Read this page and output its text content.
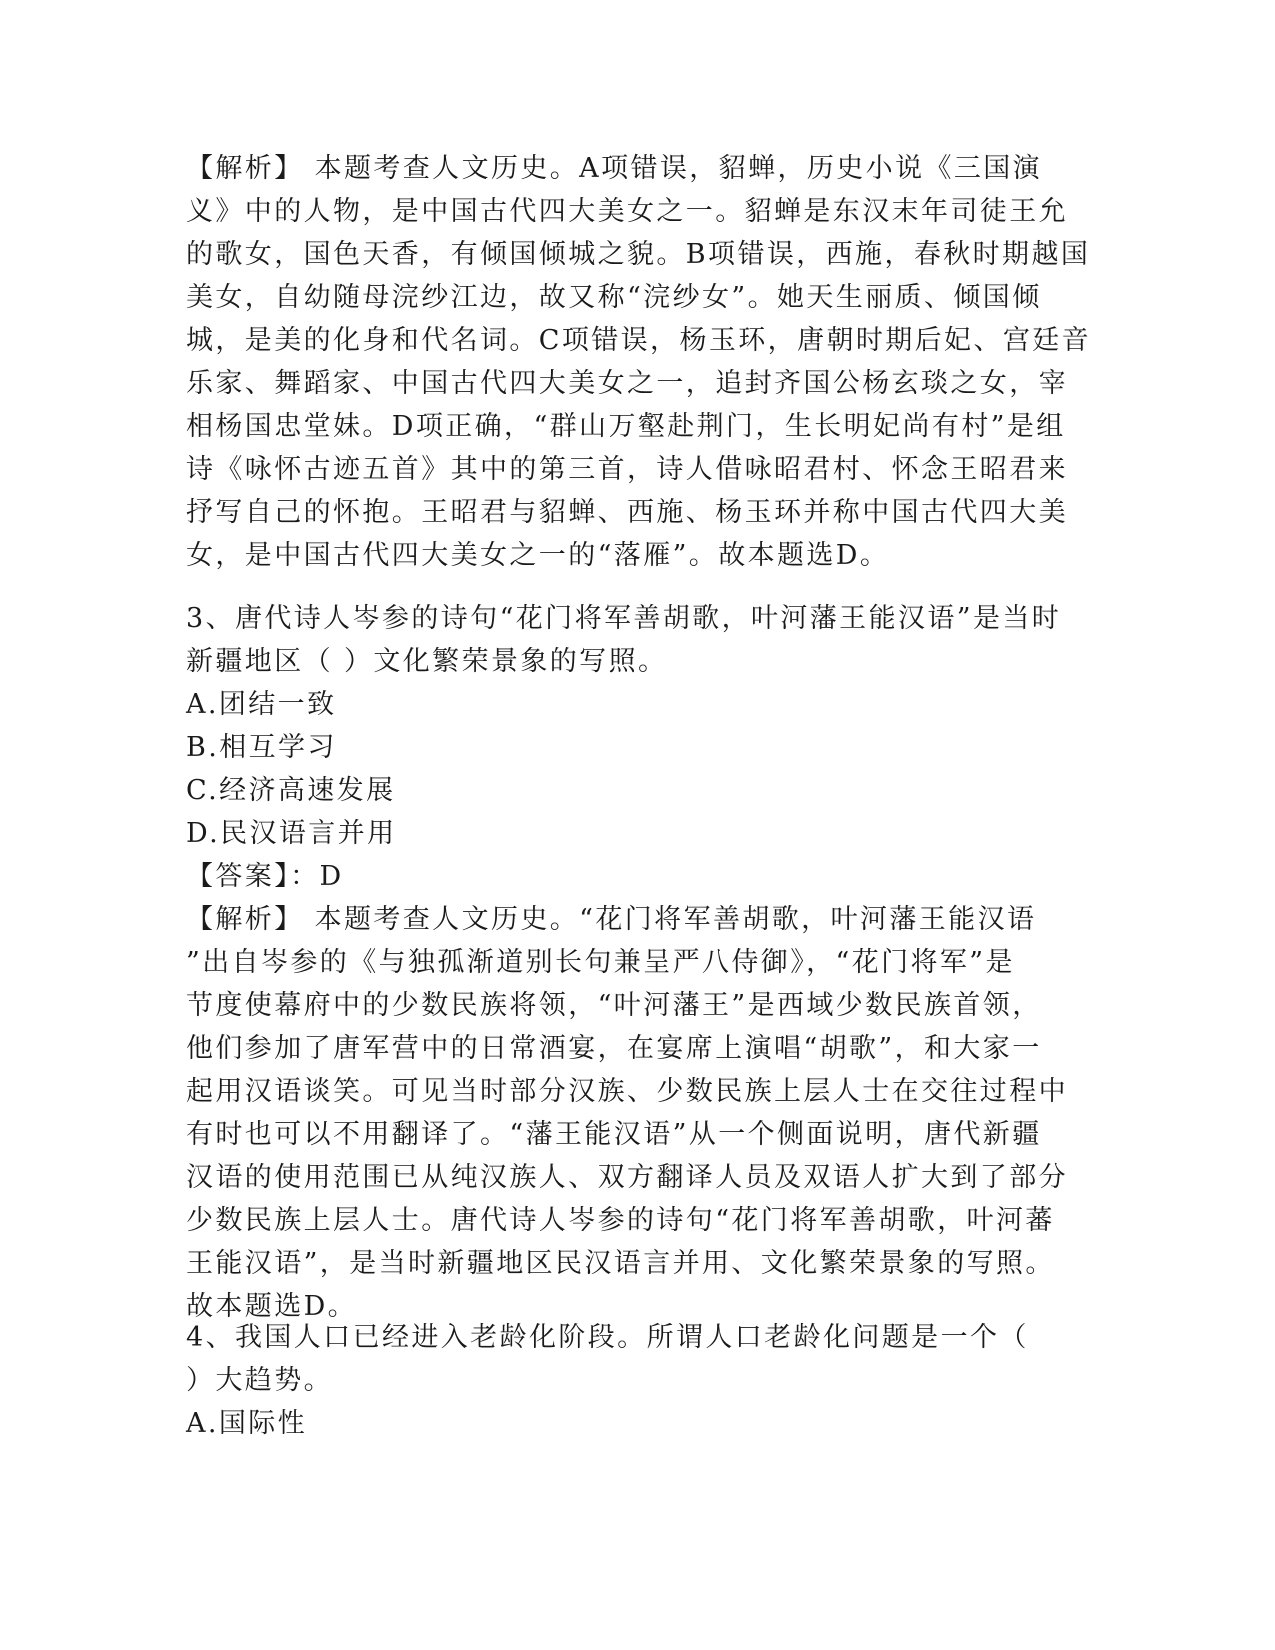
【解析】 本题考查人文历史。A项错误，貂蝉，历史小说《三国演
义》中的人物，是中国古代四大美女之一。貂蝉是东汉末年司徒王允
的歌女，国色天香，有倾国倾城之貌。B项错误，西施，春秋时期越国
美女，自幼随母浣纱江边，故又称“浣纱女”。她天生丽质、倾国倾
城，是美的化身和代名词。C项错误，杨玉环，唐朝时期后妃、宫廷音
乐家、舞蹈家、中国古代四大美女之一，追封齐国公杨玄琰之女，宰
相杨国忠堂妹。D项正确，“群山万壑赴荆门，生长明妃尚有村”是组
诗《咏怀古迹五首》其中的第三首，诗人借咏昭君村、怀念王昭君来
抒写自己的怀抱。王昭君与貂蝉、西施、杨玉环并称中国古代四大美
女，是中国古代四大美女之一的“落雁”。故本题选D。
3、唐代诗人岑参的诗句“花门将军善胡歌，叶河藩王能汉语”是当时
新疆地区（ ）文化繁荣景象的写照。
A.团结一致
B.相互学习
C.经济高速发展
D.民汉语言并用
【答案】：D
【解析】 本题考查人文历史。“花门将军善胡歌，叶河藩王能汉语
”出自岑参的《与独孤渐道别长句兼呈严八侍御》，“花门将军”是
节度使幕府中的少数民族将领，“叶河藩王”是西域少数民族首领，
他们参加了唐军营中的日常酒宴，在宴席上演唱“胡歌”，和大家一
起用汉语谈笑。可见当时部分汉族、少数民族上层人士在交往过程中
有时也可以不用翻译了。“藩王能汉语”从一个侧面说明，唐代新疆
汉语的使用范围已从纯汉族人、双方翻译人员及双语人扩大到了部分
少数民族上层人士。唐代诗人岑参的诗句“花门将军善胡歌，叶河蕃
王能汉语”，是当时新疆地区民汉语言并用、文化繁荣景象的写照。
故本题选D。
4、我国人口已经进入老龄化阶段。所谓人口老龄化问题是一个（
）大趋势。
A.国际性
